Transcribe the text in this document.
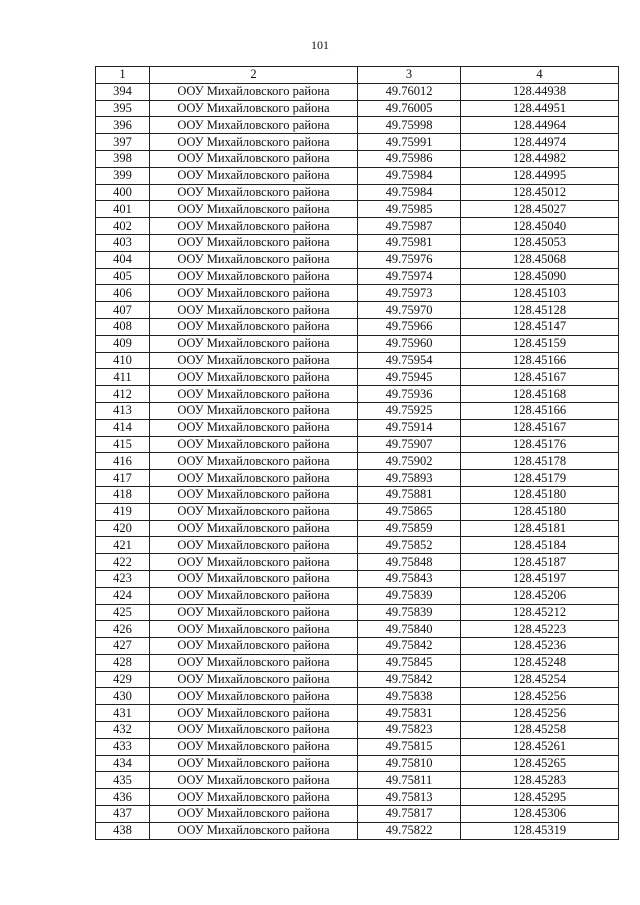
101
1	2	3	4
394	ООУ Михайловского района	49.76012	128.44938
395	ООУ Михайловского района	49.76005	128.44951
396	ООУ Михайловского района	49.75998	128.44964
397	ООУ Михайловского района	49.75991	128.44974
398	ООУ Михайловского района	49.75986	128.44982
399	ООУ Михайловского района	49.75984	128.44995
400	ООУ Михайловского района	49.75984	128.45012
401	ООУ Михайловского района	49.75985	128.45027
402	ООУ Михайловского района	49.75987	128.45040
403	ООУ Михайловского района	49.75981	128.45053
404	ООУ Михайловского района	49.75976	128.45068
405	ООУ Михайловского района	49.75974	128.45090
406	ООУ Михайловского района	49.75973	128.45103
407	ООУ Михайловского района	49.75970	128.45128
408	ООУ Михайловского района	49.75966	128.45147
409	ООУ Михайловского района	49.75960	128.45159
410	ООУ Михайловского района	49.75954	128.45166
411	ООУ Михайловского района	49.75945	128.45167
412	ООУ Михайловского района	49.75936	128.45168
413	ООУ Михайловского района	49.75925	128.45166
414	ООУ Михайловского района	49.75914	128.45167
415	ООУ Михайловского района	49.75907	128.45176
416	ООУ Михайловского района	49.75902	128.45178
417	ООУ Михайловского района	49.75893	128.45179
418	ООУ Михайловского района	49.75881	128.45180
419	ООУ Михайловского района	49.75865	128.45180
420	ООУ Михайловского района	49.75859	128.45181
421	ООУ Михайловского района	49.75852	128.45184
422	ООУ Михайловского района	49.75848	128.45187
423	ООУ Михайловского района	49.75843	128.45197
424	ООУ Михайловского района	49.75839	128.45206
425	ООУ Михайловского района	49.75839	128.45212
426	ООУ Михайловского района	49.75840	128.45223
427	ООУ Михайловского района	49.75842	128.45236
428	ООУ Михайловского района	49.75845	128.45248
429	ООУ Михайловского района	49.75842	128.45254
430	ООУ Михайловского района	49.75838	128.45256
431	ООУ Михайловского района	49.75831	128.45256
432	ООУ Михайловского района	49.75823	128.45258
433	ООУ Михайловского района	49.75815	128.45261
434	ООУ Михайловского района	49.75810	128.45265
435	ООУ Михайловского района	49.75811	128.45283
436	ООУ Михайловского района	49.75813	128.45295
437	ООУ Михайловского района	49.75817	128.45306
438	ООУ Михайловского района	49.75822	128.45319
